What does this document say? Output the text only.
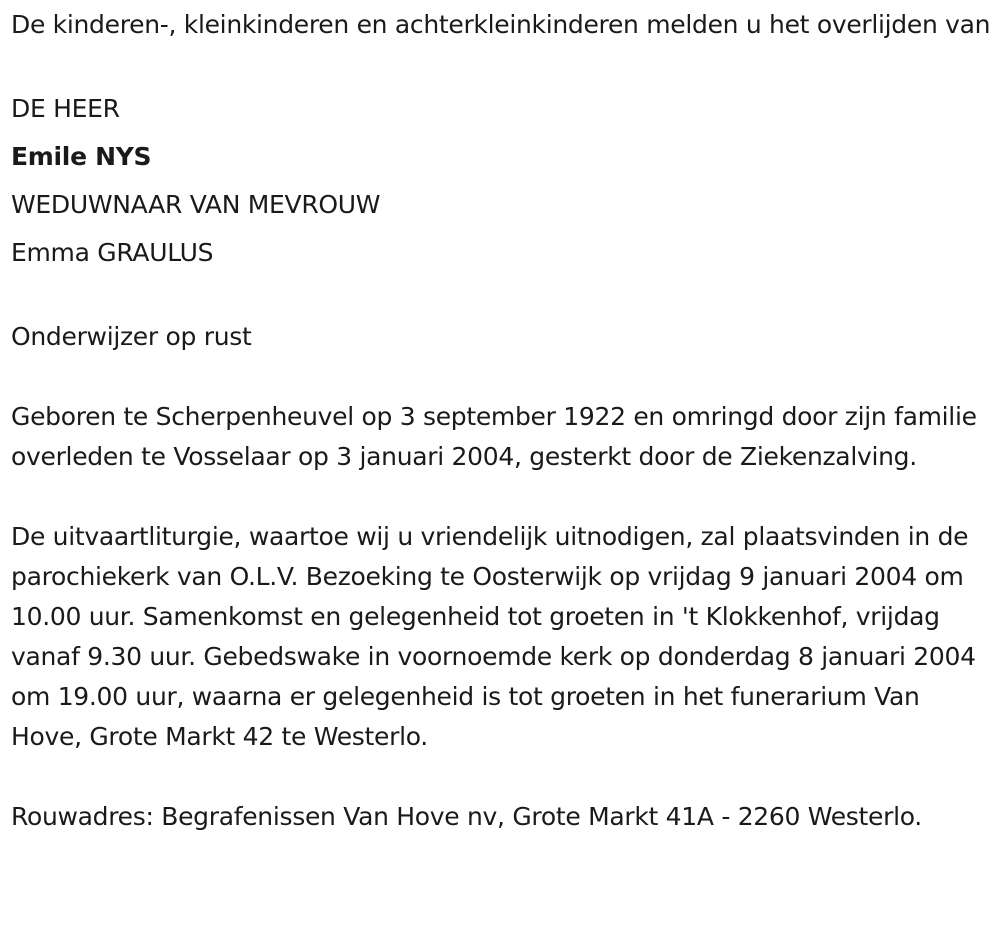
De kinderen-, kleinkinderen en achterkleinkinderen melden u het overlijden van

DE HEER

Emile NYS

WEDUWNAAR VAN MEVROUW

Emma GRAULUS

Onderwijzer op rust

Geboren te Scherpenheuvel op 3 september 1922 en omringd door zijn familie overleden te Vosselaar op 3 januari 2004, gesterkt door de Ziekenzalving.

De uitvaartliturgie, waartoe wij u vriendelijk uitnodigen, zal plaatsvinden in de parochiekerk van O.L.V. Bezoeking te Oosterwijk op vrijdag 9 januari 2004 om 10.00 uur. Samenkomst en gelegenheid tot groeten in 't Klokkenhof, vrijdag vanaf 9.30 uur. Gebedswake in voornoemde kerk op donderdag 8 januari 2004 om 19.00 uur, waarna er gelegenheid is tot groeten in het funerarium Van Hove, Grote Markt 42 te Westerlo.

Rouwadres: Begrafenissen Van Hove nv, Grote Markt 41A - 2260 Westerlo.
